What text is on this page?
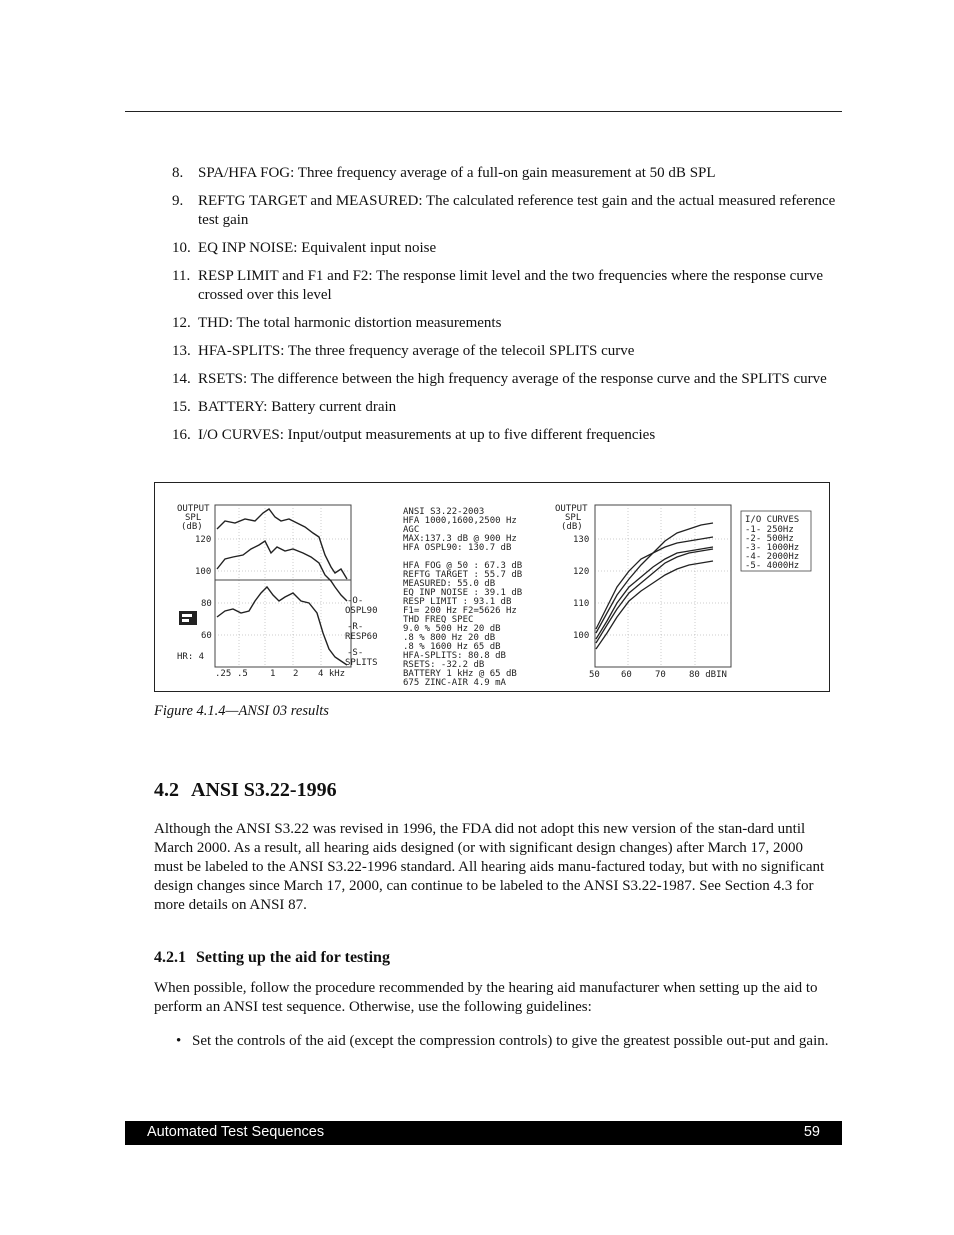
8. SPA/HFA FOG: Three frequency average of a full-on gain measurement at 50 dB SPL
9. REFTG TARGET and MEASURED: The calculated reference test gain and the actual measured reference test gain
10. EQ INP NOISE: Equivalent input noise
11. RESP LIMIT and F1 and F2: The response limit level and the two frequencies where the response curve crossed over this level
12. THD: The total harmonic distortion measurements
13. HFA-SPLITS: The three frequency average of the telecoil SPLITS curve
14. RSETS: The difference between the high frequency average of the response curve and the SPLITS curve
15. BATTERY: Battery current drain
16. I/O CURVES: Input/output measurements at up to five different frequencies
OUTPUT
SPL
(dB)
120
100
80
60
.25 .5 1 2 4 kHz
-O-
OSPL90
-R-
RESP60
-S-
SPLITS
HR: 4
ANSI S3.22-2003
HFA 1000,1600,2500 Hz
AGC
MAX:137.3 dB @ 900 Hz
HFA OSPL90: 130.7 dB
HFA FOG @ 50 : 67.3 dB
REFTG TARGET : 55.7 dB
MEASURED: 55.0 dB
EQ INP NOISE : 39.1 dB
RESP LIMIT : 93.1 dB
F1= 200 Hz F2=5626 Hz
THD FREQ SPEC
9.0 % 500 Hz 20 dB
.8 % 800 Hz 20 dB
.8 % 1600 Hz 65 dB
HFA-SPLITS: 80.8 dB
RSETS: -32.2 dB
BATTERY 1 kHz @ 65 dB
675 ZINC-AIR 4.9 mA
OUTPUT
SPL
(dB)
130
120
110
100
50 60	70	80 dBIN
I/O CURVES
-1- 250Hz
-2- 500Hz
-3- 1000Hz
-4- 2000Hz
-5- 4000Hz
Figure 4.1.4—ANSI 03 results
4.2 ANSI S3.22-1996

Although the ANSI S3.22 was revised in 1996, the FDA did not adopt this new version of the stan-dard until March 2000. As a result, all hearing aids designed (or with significant design changes) after March 17, 2000 must be labeled to the ANSI S3.22-1996 standard. All hearing aids manu-factured today, but with no significant design changes since March 17, 2000, can continue to be labeled to the ANSI S3.22-1987. See Section 4.3 for more details on ANSI 87.

4.2.1 Setting up the aid for testing

When possible, follow the procedure recommended by the hearing aid manufacturer when setting up the aid to perform an ANSI test sequence. Otherwise, use the following guidelines:

• Set the controls of the aid (except the compression controls) to give the greatest possible out-put and gain.
Automated Test Sequences	59
